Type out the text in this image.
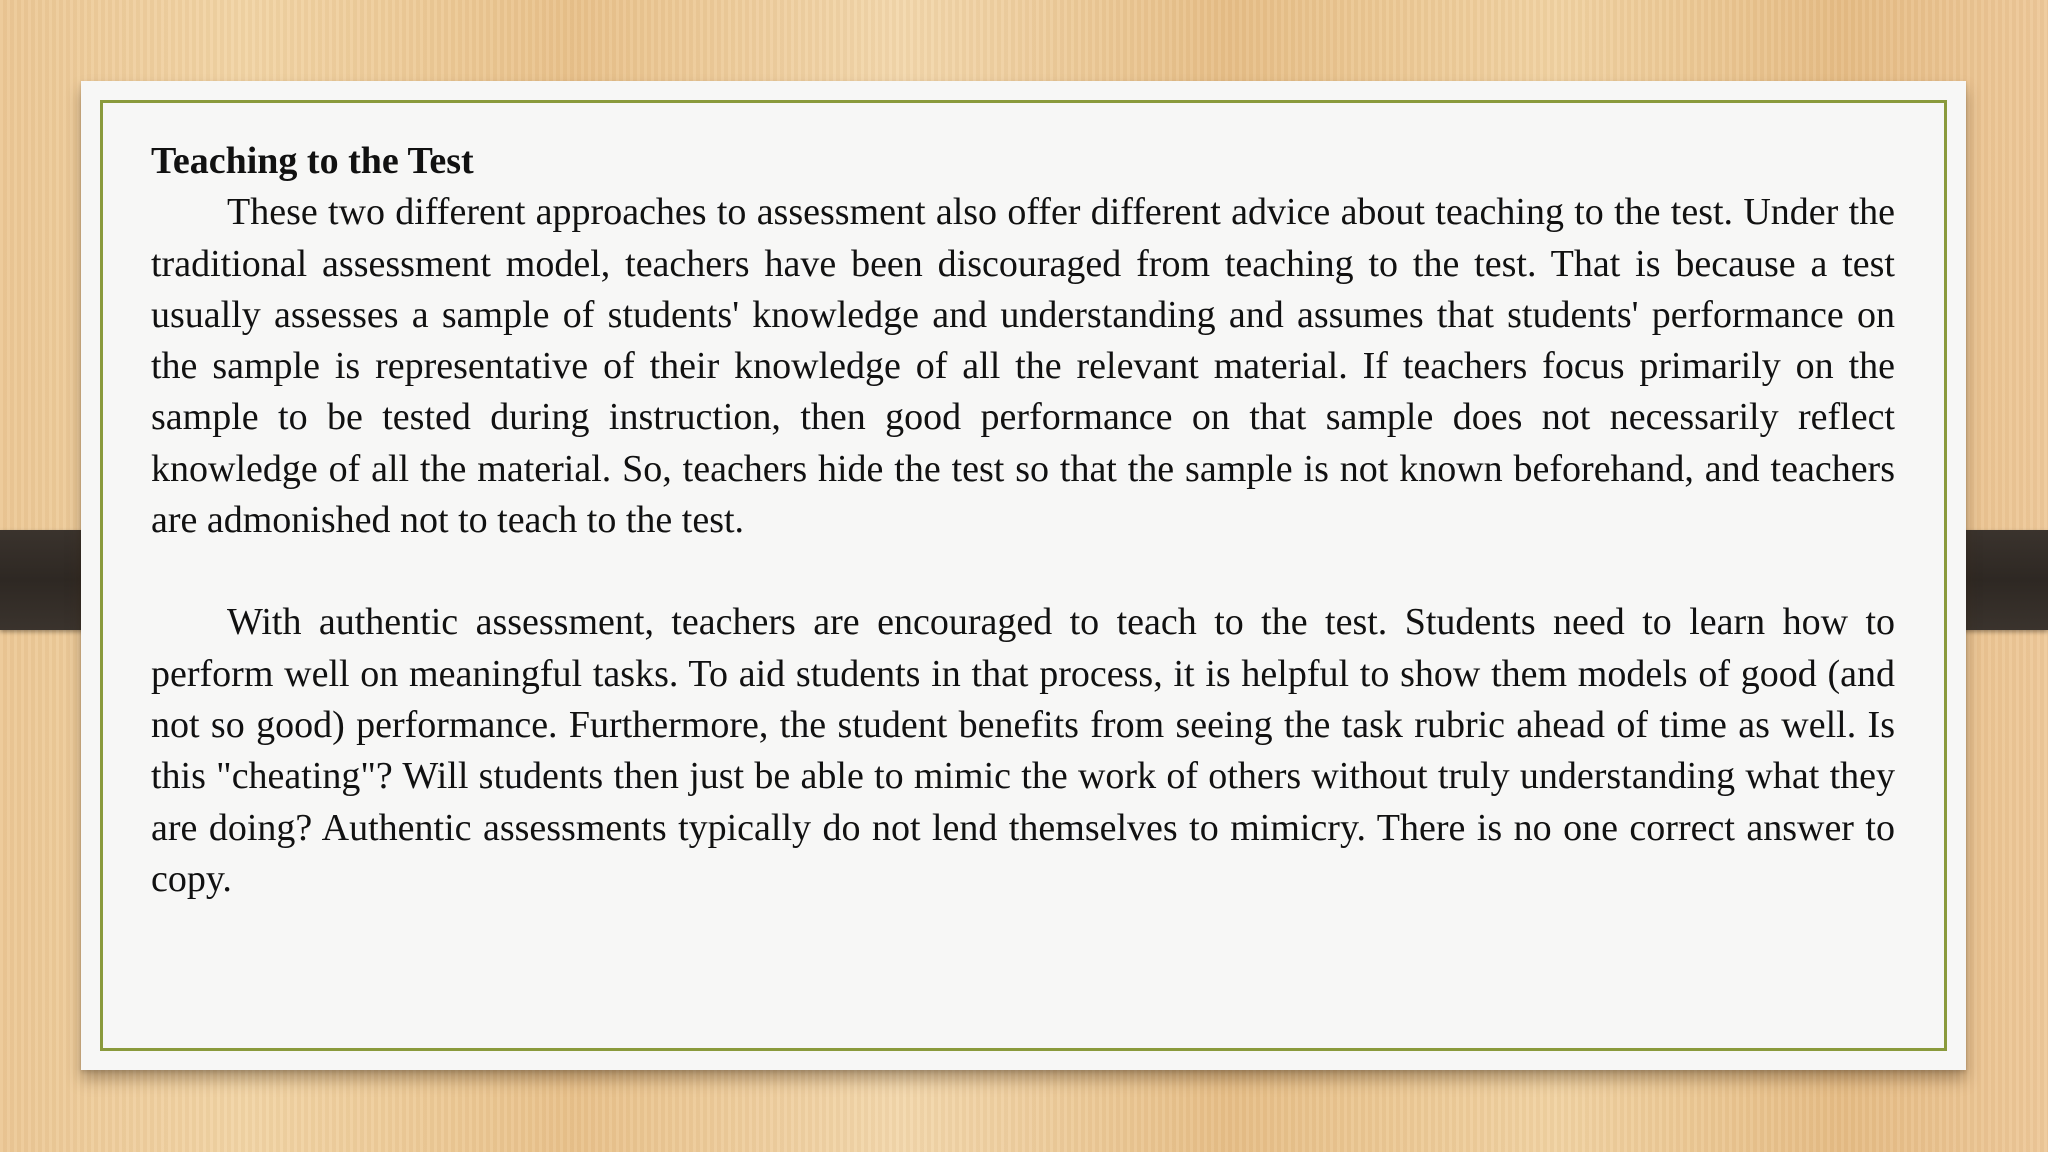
Teaching to the Test

These two different approaches to assessment also offer different advice about teaching to the test. Under the traditional assessment model, teachers have been discouraged from teaching to the test. That is because a test usually assesses a sample of students' knowledge and understanding and assumes that students' performance on the sample is representative of their knowledge of all the relevant material. If teachers focus primarily on the sample to be tested during instruction, then good performance on that sample does not necessarily reflect knowledge of all the material. So, teachers hide the test so that the sample is not known beforehand, and teachers are admonished not to teach to the test.

With authentic assessment, teachers are encouraged to teach to the test. Students need to learn how to perform well on meaningful tasks. To aid students in that process, it is helpful to show them models of good (and not so good) performance. Furthermore, the student benefits from seeing the task rubric ahead of time as well. Is this "cheating"? Will students then just be able to mimic the work of others without truly understanding what they are doing? Authentic assessments typically do not lend themselves to mimicry. There is no one correct answer to copy.
